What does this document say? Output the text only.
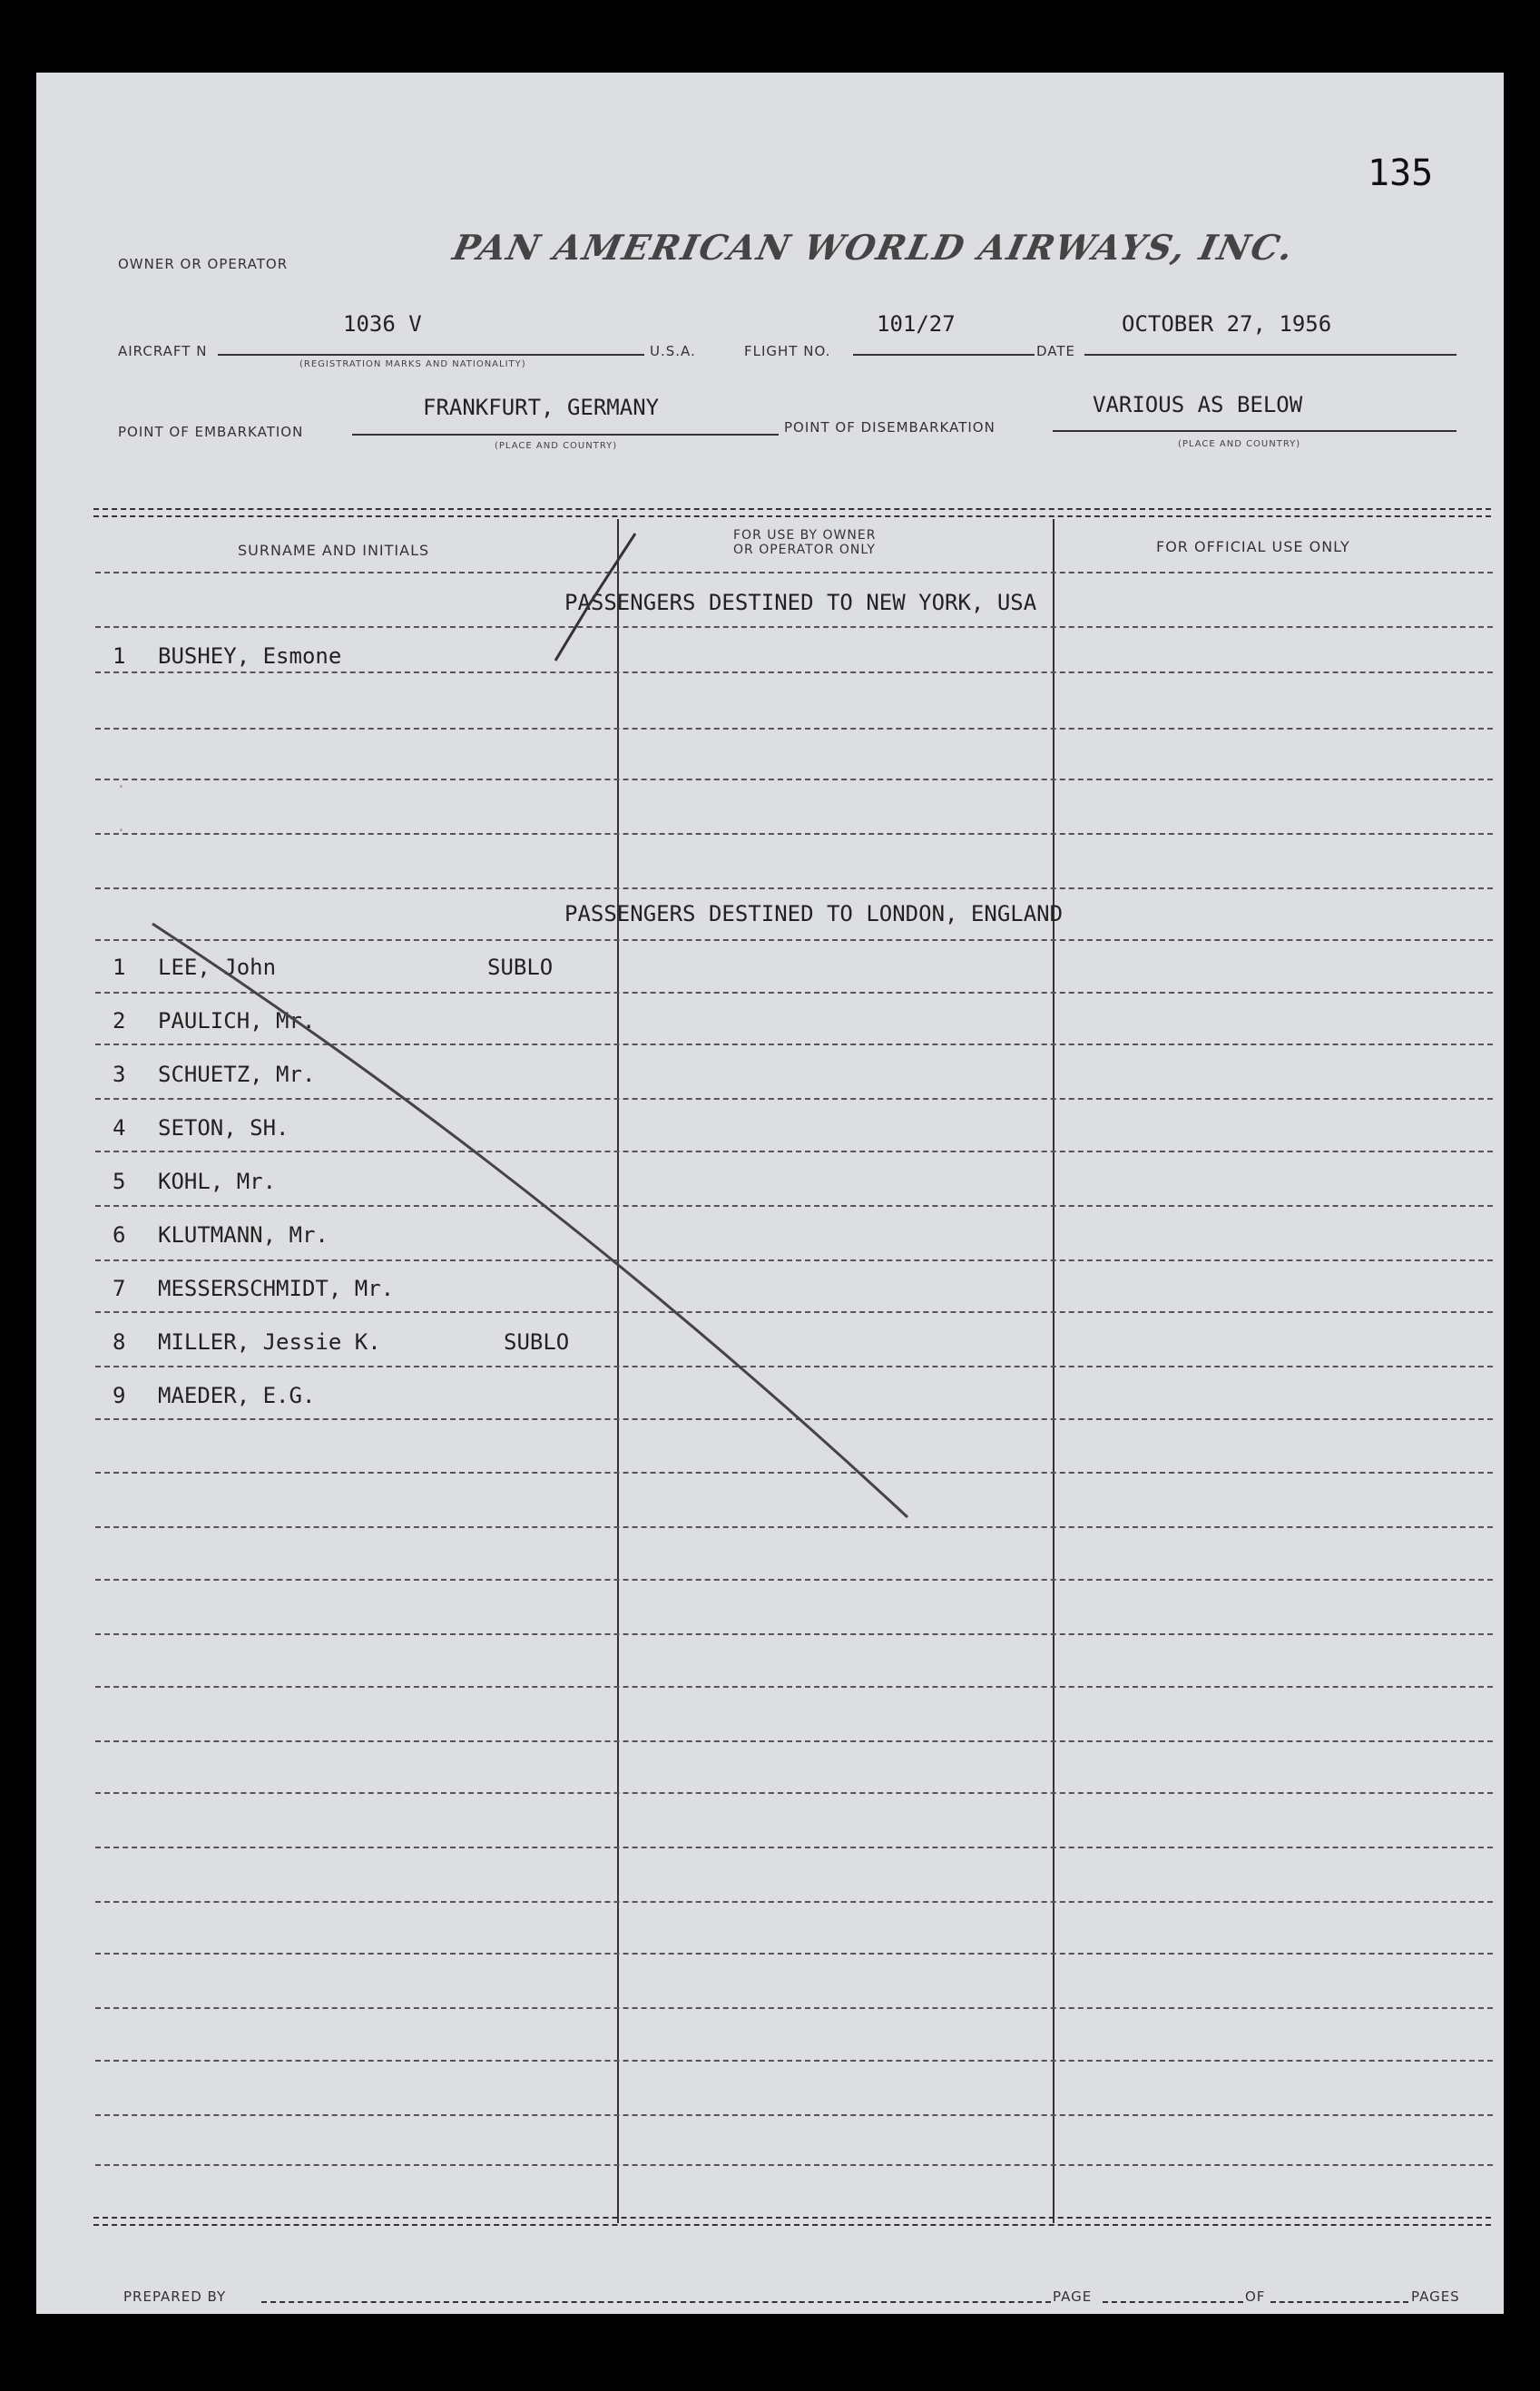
135
OWNER OR OPERATOR	PAN AMERICAN WORLD AIRWAYS, INC.
AIRCRAFT N
1036 V
(REGISTRATION MARKS AND NATIONALITY)
U.S.A.	FLIGHT NO.
101/27
DATE
OCTOBER 27, 1956
POINT OF EMBARKATION
FRANKFURT, GERMANY
(PLACE AND COUNTRY)
POINT OF DISEMBARKATION
VARIOUS AS BELOW
(PLACE AND COUNTRY)
SURNAME AND INITIALS
FOR USE BY OWNER
OR OPERATOR ONLY	FOR OFFICIAL USE ONLY
PASSENGERS DESTINED TO NEW YORK, USA
1 BUSHEY, Esmone
.
.
PASSENGERS DESTINED TO LONDON, ENGLAND
1 LEE, John	SUBLO
2 PAULICH, Mr.
3 SCHUETZ, Mr.
4 SETON, SH.
5 KOHL, Mr.
6 KLUTMANN, Mr.
7 MESSERSCHMIDT, Mr.
8 MILLER, Jessie K.	SUBLO
9 MAEDER, E.G.
PREPARED BY	PAGE	OF	PAGES
